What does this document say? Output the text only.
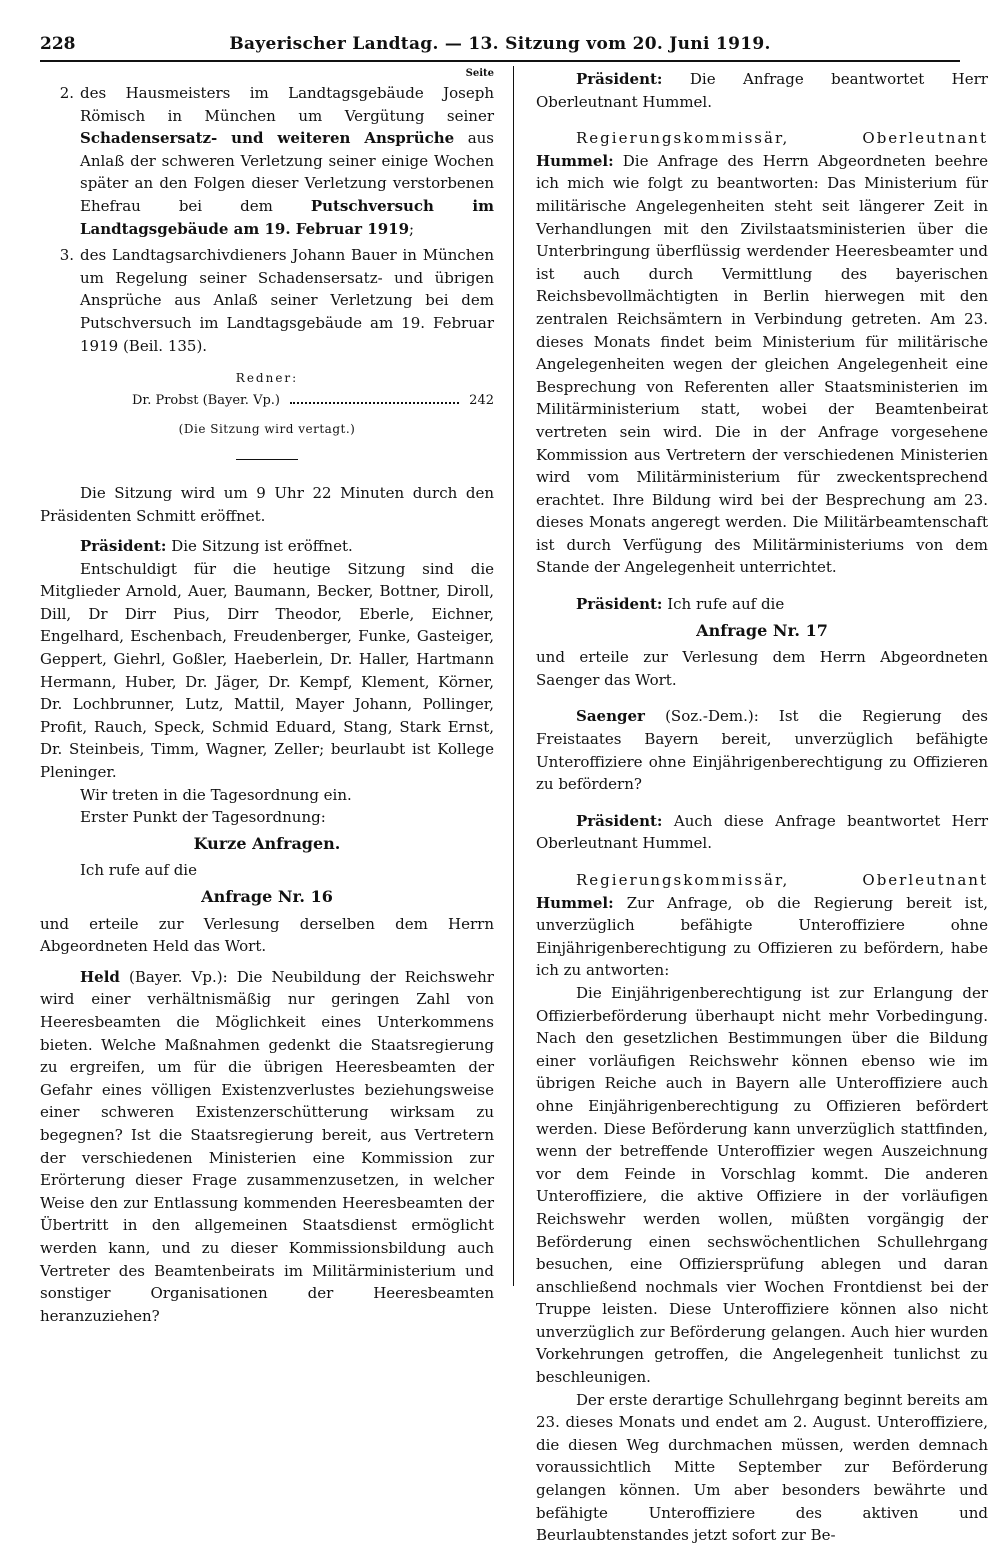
228	Bayerischer Landtag. — 13. Sitzung vom 20. Juni 1919.
Seite
2. des Hausmeisters im Landtagsgebäude Joseph Römisch in München um Vergütung seiner Schadensersatz- und weiteren Ansprüche aus Anlaß der schweren Verletzung seiner einige Wochen später an den Folgen dieser Verletzung verstorbenen Ehefrau bei dem	Putschversuch im Landtagsgebäude am 19. Februar 1919;
3. des Landtagsarchivdieners Johann Bauer in München um Regelung seiner Schadensersatz- und übrigen Ansprüche aus Anlaß seiner Verletzung bei dem Putschversuch im Landtagsgebäude am 19. Februar 1919 (Beil. 135).
Redner:
Dr. Probst (Bayer. Vp.)	242
(Die Sitzung wird vertagt.)

Die Sitzung wird um 9 Uhr 22 Minuten durch den Präsidenten Schmitt eröffnet.

Präsident: Die Sitzung ist eröffnet.

Entschuldigt für die heutige Sitzung sind die Mitglieder Arnold, Auer, Baumann, Becker, Bottner, Diroll, Dill, Dr Dirr Pius, Dirr Theodor, Eberle, Eichner, Engelhard, Eschenbach, Freudenberger, Funke, Gasteiger, Geppert, Giehrl, Goßler, Haeberlein, Dr. Haller, Hartmann Hermann, Huber, Dr. Jäger, Dr. Kempf, Klement, Körner, Dr. Lochbrunner, Lutz, Mattil, Mayer Johann, Pollinger, Profit, Rauch, Speck, Schmid Eduard, Stang, Stark Ernst, Dr. Steinbeis, Timm, Wagner, Zeller; beurlaubt ist Kollege Pleninger.

Wir treten in die Tagesordnung ein.

Erster Punkt der Tagesordnung:

Kurze Anfragen.

Ich rufe auf die

Anfrage Nr. 16

und erteile zur Verlesung derselben dem Herrn Abgeordneten Held das Wort.

Held (Bayer. Vp.): Die Neubildung der Reichswehr wird einer verhältnismäßig nur geringen Zahl von Heeresbeamten die Möglichkeit eines Unterkommens bieten. Welche Maßnahmen gedenkt die Staatsregierung zu ergreifen, um für die übrigen Heeresbeamten der Gefahr eines völligen Existenzverlustes beziehungsweise einer schweren Existenzerschütterung wirksam zu begegnen? Ist die Staatsregierung bereit, aus Vertretern der verschiedenen Ministerien eine Kommission zur Erörterung dieser Frage zusammenzusetzen, in welcher Weise den zur Entlassung kommenden Heeresbeamten der Übertritt in den allgemeinen Staatsdienst ermöglicht werden kann, und zu dieser Kommissionsbildung auch Vertreter des Beamtenbeirats im Militärministerium und sonstiger Organisationen der Heeresbeamten heranzuziehen?

Präsident: Die Anfrage beantwortet Herr Oberleutnant Hummel.

Regierungskommissär, Oberleutnant Hummel: Die Anfrage des Herrn Abgeordneten beehre ich mich wie folgt zu beantworten: Das Ministerium für militärische Angelegenheiten steht seit längerer Zeit in Verhandlungen mit den Zivilstaatsministerien über die Unterbringung überflüssig werdender Heeresbeamter und ist auch durch Vermittlung des bayerischen Reichsbevollmächtigten in Berlin hierwegen mit den zentralen Reichsämtern in Verbindung getreten. Am 23. dieses Monats findet beim Ministerium für militärische Angelegenheiten wegen der gleichen Angelegenheit eine Besprechung von Referenten aller Staatsministerien im Militärministerium statt, wobei der Beamtenbeirat vertreten sein wird. Die in der Anfrage vorgesehene Kommission aus Vertretern der verschiedenen Ministerien wird vom Militärministerium für zweckentsprechend erachtet. Ihre Bildung wird bei der Besprechung am 23. dieses Monats angeregt werden. Die Militärbeamtenschaft ist durch Verfügung des Militärministeriums von dem Stande der Angelegenheit unterrichtet.

Präsident: Ich rufe auf die

Anfrage Nr. 17

und erteile zur Verlesung dem Herrn Abgeordneten Saenger das Wort.

Saenger (Soz.-Dem.): Ist die Regierung des Freistaates Bayern bereit, unverzüglich befähigte Unteroffiziere ohne Einjährigenberechtigung zu Offizieren zu befördern?

Präsident: Auch diese Anfrage beantwortet Herr Oberleutnant Hummel.

Regierungskommissär, Oberleutnant Hummel: Zur Anfrage, ob die Regierung bereit ist, unverzüglich befähigte Unteroffiziere ohne Einjährigenberechtigung zu Offizieren zu befördern, habe ich zu antworten:

Die Einjährigenberechtigung ist zur Erlangung der Offizierbeförderung überhaupt nicht mehr Vorbedingung. Nach den gesetzlichen Bestimmungen über die Bildung einer vorläufigen Reichswehr können ebenso wie im übrigen Reiche auch in Bayern alle Unteroffiziere auch ohne Einjährigenberechtigung zu Offizieren befördert werden. Diese Beförderung kann unverzüglich stattfinden, wenn der betreffende Unteroffizier wegen Auszeichnung vor dem Feinde in Vorschlag kommt. Die anderen Unteroffiziere, die aktive Offiziere in der vorläufigen Reichswehr werden wollen, müßten vorgängig der Beförderung einen sechswöchentlichen Schullehrgang besuchen, eine Offiziersprüfung ablegen und daran anschließend nochmals vier Wochen Frontdienst bei der Truppe leisten. Diese Unteroffiziere können also nicht unverzüglich zur Beförderung gelangen. Auch hier wurden Vorkehrungen getroffen, die Angelegenheit tunlichst zu beschleunigen.

Der erste derartige Schullehrgang beginnt bereits am 23. dieses Monats und endet am 2. August. Unteroffiziere, die diesen Weg durchmachen müssen, werden demnach voraussichtlich Mitte September zur Beförderung gelangen können. Um aber besonders bewährte und befähigte Unteroffiziere des aktiven und Beurlaubtenstandes jetzt sofort zur Be-
